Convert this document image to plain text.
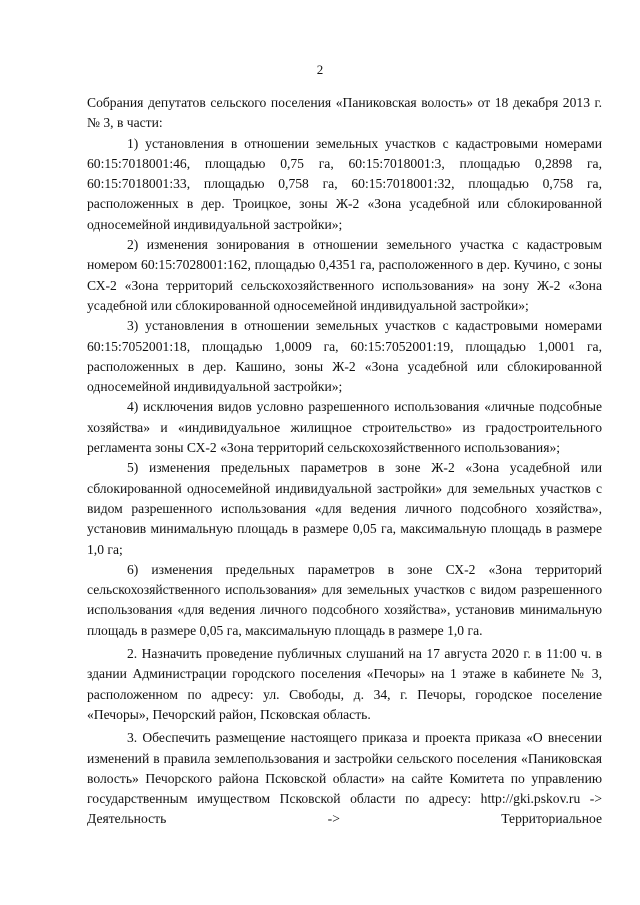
2

Собрания депутатов сельского поселения «Паниковская волость» от 18 декабря 2013 г. № 3, в части:

1) установления в отношении земельных участков с кадастровыми номерами 60:15:7018001:46, площадью 0,75 га, 60:15:7018001:3, площадью 0,2898 га, 60:15:7018001:33, площадью 0,758 га, 60:15:7018001:32, площадью 0,758 га, расположенных в дер. Троицкое, зоны Ж-2 «Зона усадебной или сблокированной односемейной индивидуальной застройки»;

2) изменения зонирования в отношении земельного участка с кадастровым номером 60:15:7028001:162, площадью 0,4351 га, расположенного в дер. Кучино, с зоны СХ-2 «Зона территорий сельскохозяйственного использования» на зону Ж-2 «Зона усадебной или сблокированной односемейной индивидуальной застройки»;

3) установления в отношении земельных участков с кадастровыми номерами 60:15:7052001:18, площадью 1,0009 га, 60:15:7052001:19, площадью 1,0001 га, расположенных в дер. Кашино, зоны Ж-2 «Зона усадебной или сблокированной односемейной индивидуальной застройки»;

4) исключения видов условно разрешенного использования «личные подсобные хозяйства» и «индивидуальное жилищное строительство» из градостроительного регламента зоны СХ-2 «Зона территорий сельскохозяйственного использования»;

5) изменения предельных параметров в зоне Ж-2 «Зона усадебной или сблокированной односемейной индивидуальной застройки» для земельных участков с видом разрешенного использования «для ведения личного подсобного хозяйства», установив минимальную площадь в размере 0,05 га, максимальную площадь в размере 1,0 га;

6) изменения предельных параметров в зоне СХ-2 «Зона территорий сельскохозяйственного использования» для земельных участков с видом разрешенного использования «для ведения личного подсобного хозяйства», установив минимальную площадь в размере 0,05 га, максимальную площадь в размере 1,0 га.

2. Назначить проведение публичных слушаний на 17 августа 2020 г. в 11:00 ч. в здании Администрации городского поселения «Печоры» на 1 этаже в кабинете № 3, расположенном по адресу: ул. Свободы, д. 34, г. Печоры, городское поселение «Печоры», Печорский район, Псковская область.

3. Обеспечить размещение настоящего приказа и проекта приказа «О внесении изменений в правила землепользования и застройки сельского поселения «Паниковская волость» Печорского района Псковской области» на сайте Комитета по управлению государственным имуществом Псковской области по адресу: http://gki.pskov.ru -> Деятельность -> Территориальное
